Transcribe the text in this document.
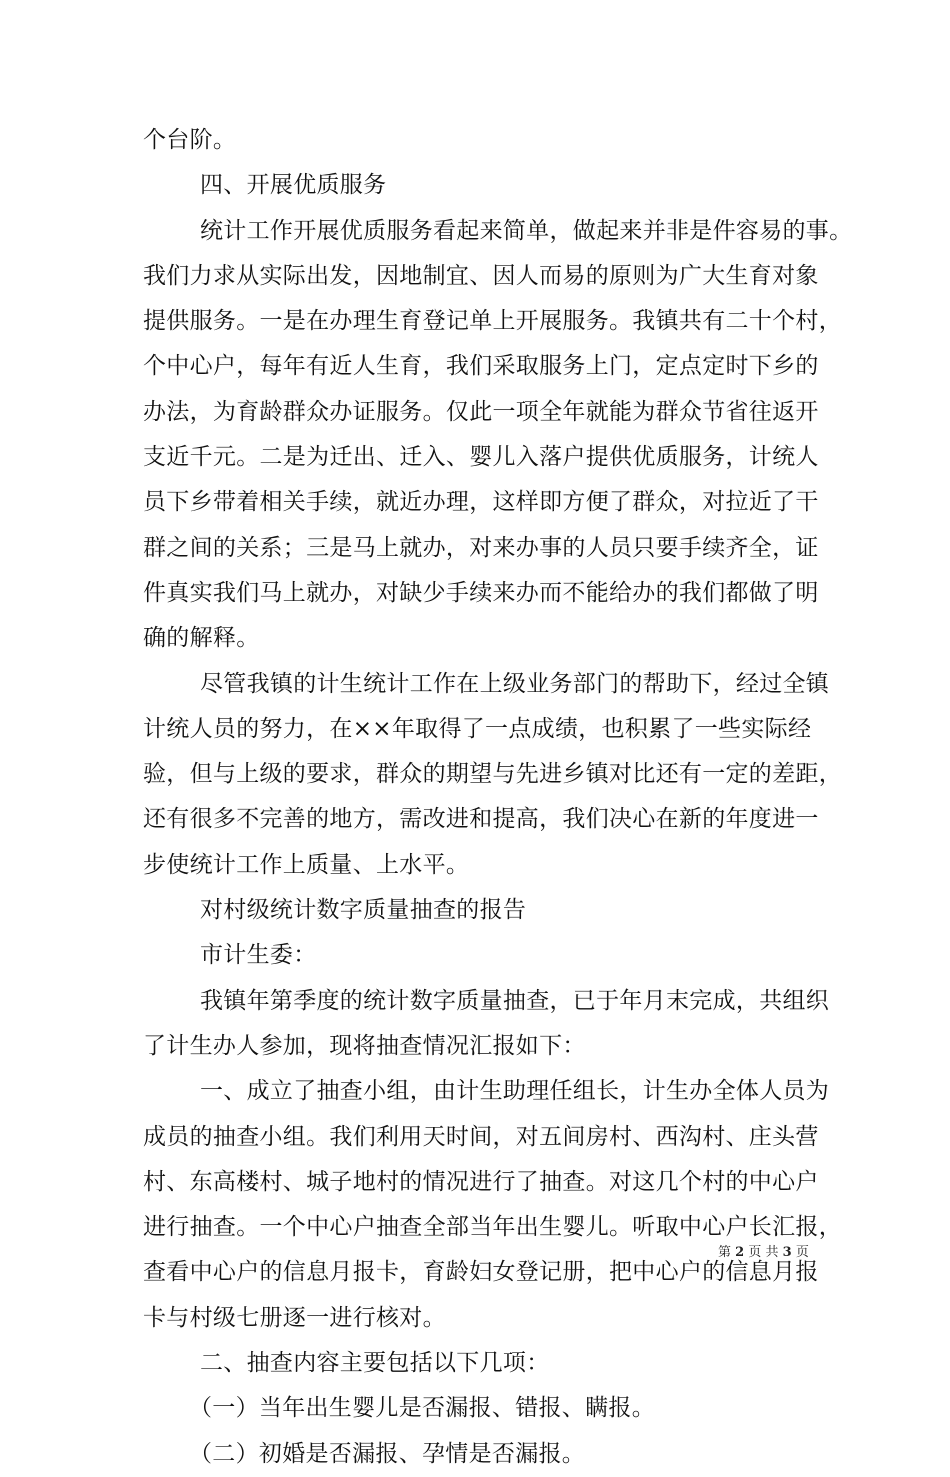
个台阶。
四、开展优质服务
统计工作开展优质服务看起来简单，做起来并非是件容易的事。
我们力求从实际出发，因地制宜、因人而易的原则为广大生育对象
提供服务。一是在办理生育登记单上开展服务。我镇共有二十个村，
个中心户，每年有近人生育，我们采取服务上门，定点定时下乡的
办法，为育龄群众办证服务。仅此一项全年就能为群众节省往返开
支近千元。二是为迁出、迁入、婴儿入落户提供优质服务，计统人
员下乡带着相关手续，就近办理，这样即方便了群众，对拉近了干
群之间的关系；三是马上就办，对来办事的人员只要手续齐全，证
件真实我们马上就办，对缺少手续来办而不能给办的我们都做了明
确的解释。
尽管我镇的计生统计工作在上级业务部门的帮助下，经过全镇
计统人员的努力，在××年取得了一点成绩，也积累了一些实际经
验，但与上级的要求，群众的期望与先进乡镇对比还有一定的差距，
还有很多不完善的地方，需改进和提高，我们决心在新的年度进一
步使统计工作上质量、上水平。
对村级统计数字质量抽查的报告
市计生委：
我镇年第季度的统计数字质量抽查，已于年月末完成，共组织
了计生办人参加，现将抽查情况汇报如下：
一、成立了抽查小组，由计生助理任组长，计生办全体人员为
成员的抽查小组。我们利用天时间，对五间房村、西沟村、庄头营
村、东高楼村、城子地村的情况进行了抽查。对这几个村的中心户
进行抽查。一个中心户抽查全部当年出生婴儿。听取中心户长汇报，
查看中心户的信息月报卡，育龄妇女登记册，把中心户的信息月报
卡与村级七册逐一进行核对。
二、抽查内容主要包括以下几项：
（一）当年出生婴儿是否漏报、错报、瞒报。
（二）初婚是否漏报、孕情是否漏报。
第 2 页 共 3 页
